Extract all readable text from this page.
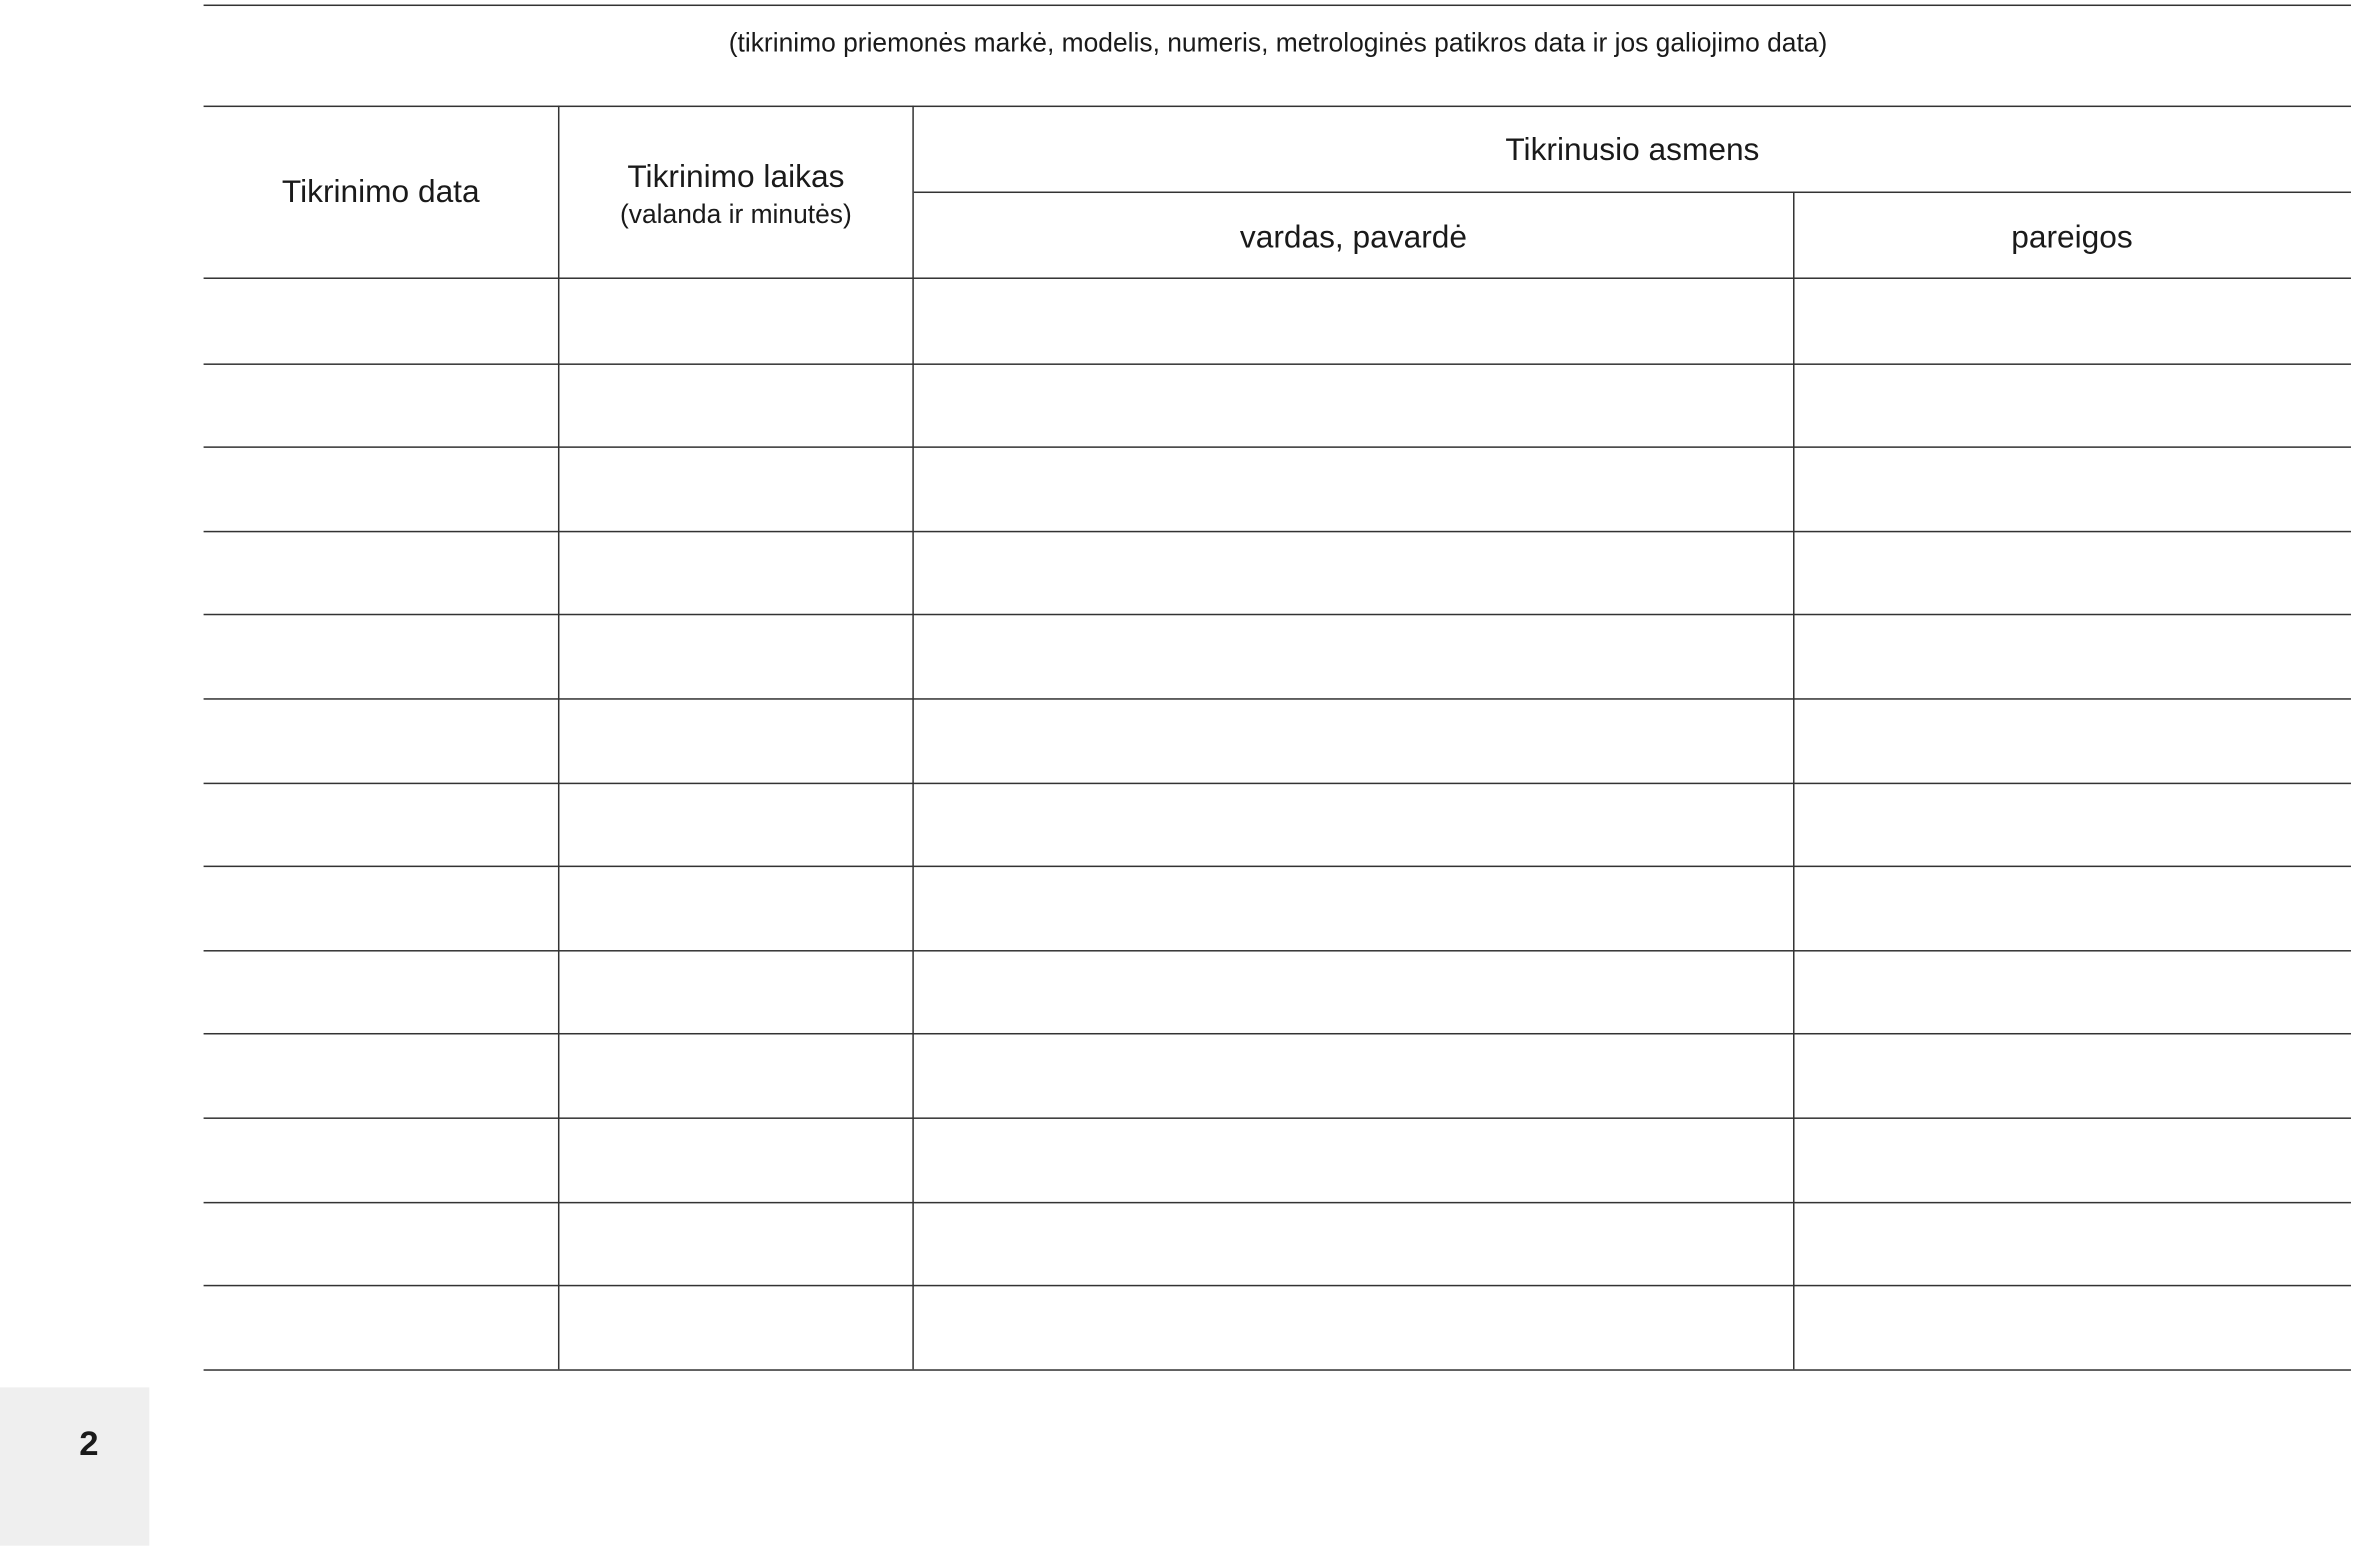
(tikrinimo priemonės markė, modelis, numeris, metrologinės patikros data ir jos galiojimo data)
Tikrinimo data	Tikrinimo laikas
(valanda ir minutės)
Tikrinusio asmens
vardas, pavardė	pareigos
2
